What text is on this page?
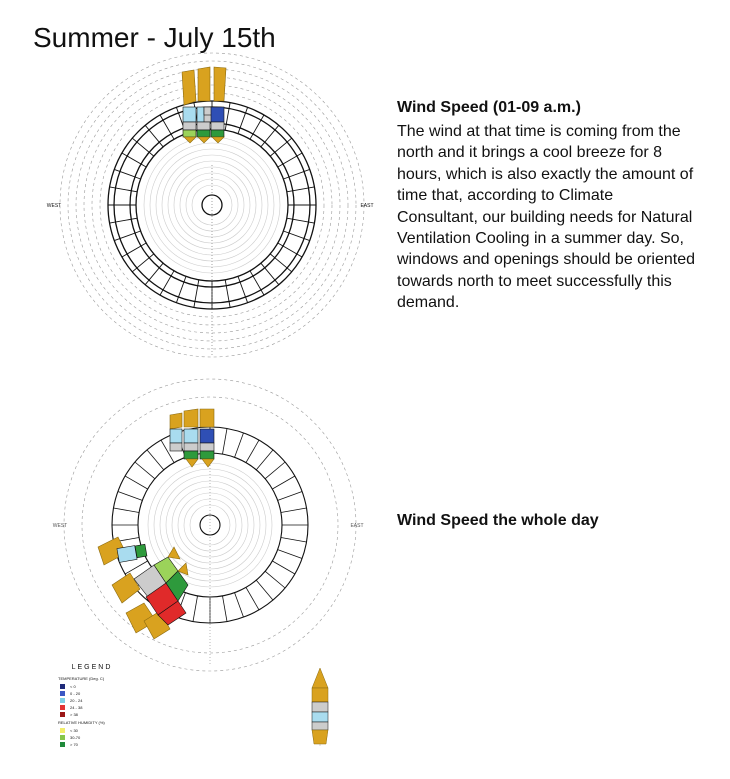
Summer - July 15th
Wind Speed (01-09 a.m.)
The wind at that time is coming from the north and it brings a cool breeze for 8 hours, which is also exactly the amount of time that, according to Climate Consultant, our building needs for Natural Ventilation Cooling in a summer day. So, windows and openings should be oriented towards north to meet successfully this demand.
Wind Speed the whole day
WEST	EAST
WEST	EAST
LEGEND
TEMPERATURE (Deg. C)
< 0
0 - 20
20 - 24
24 - 38
> 38
RELATIVE HUMIDITY (%)
< 30
30-70
> 70
